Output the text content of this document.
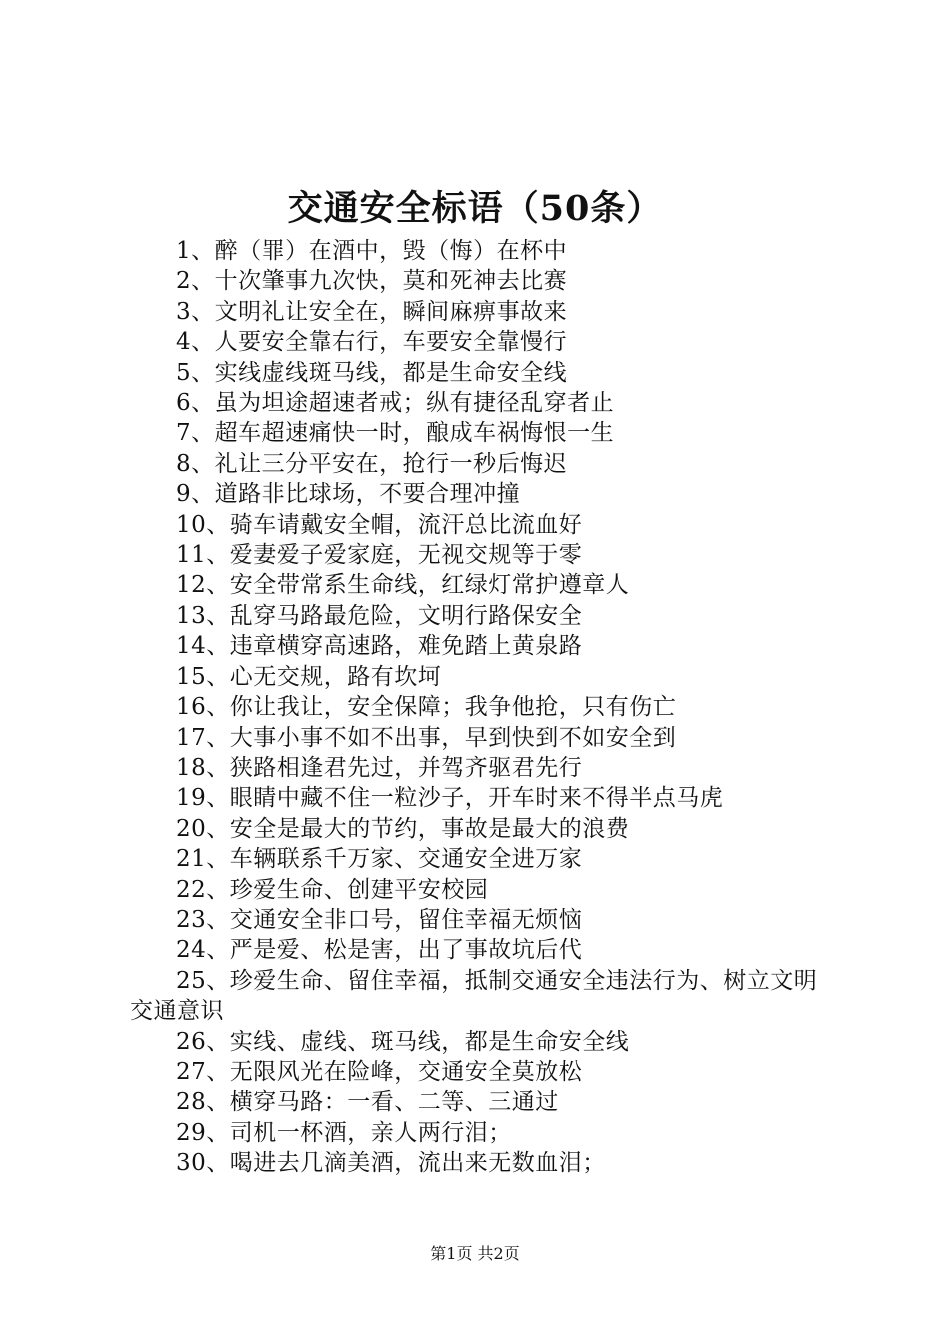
交通安全标语（50条）

1、醉（罪）在酒中，毁（悔）在杯中

2、十次肇事九次快，莫和死神去比赛

3、文明礼让安全在，瞬间麻痹事故来

4、人要安全靠右行，车要安全靠慢行

5、实线虚线斑马线，都是生命安全线

6、虽为坦途超速者戒；纵有捷径乱穿者止

7、超车超速痛快一时，酿成车祸悔恨一生

8、礼让三分平安在，抢行一秒后悔迟

9、道路非比球场，不要合理冲撞

10、骑车请戴安全帽，流汗总比流血好

11、爱妻爱子爱家庭，无视交规等于零

12、安全带常系生命线，红绿灯常护遵章人

13、乱穿马路最危险，文明行路保安全

14、违章横穿高速路，难免踏上黄泉路

15、心无交规，路有坎坷

16、你让我让，安全保障；我争他抢，只有伤亡

17、大事小事不如不出事，早到快到不如安全到

18、狭路相逢君先过，并驾齐驱君先行

19、眼睛中藏不住一粒沙子，开车时来不得半点马虎

20、安全是最大的节约，事故是最大的浪费

21、车辆联系千万家、交通安全进万家

22、珍爱生命、创建平安校园

23、交通安全非口号，留住幸福无烦恼

24、严是爱、松是害，出了事故坑后代

25、珍爱生命、留住幸福，抵制交通安全违法行为、树立文明交通意识

26、实线、虚线、斑马线，都是生命安全线

27、无限风光在险峰，交通安全莫放松

28、横穿马路：一看、二等、三通过

29、司机一杯酒，亲人两行泪；

30、喝进去几滴美酒，流出来无数血泪；

第1页 共2页
